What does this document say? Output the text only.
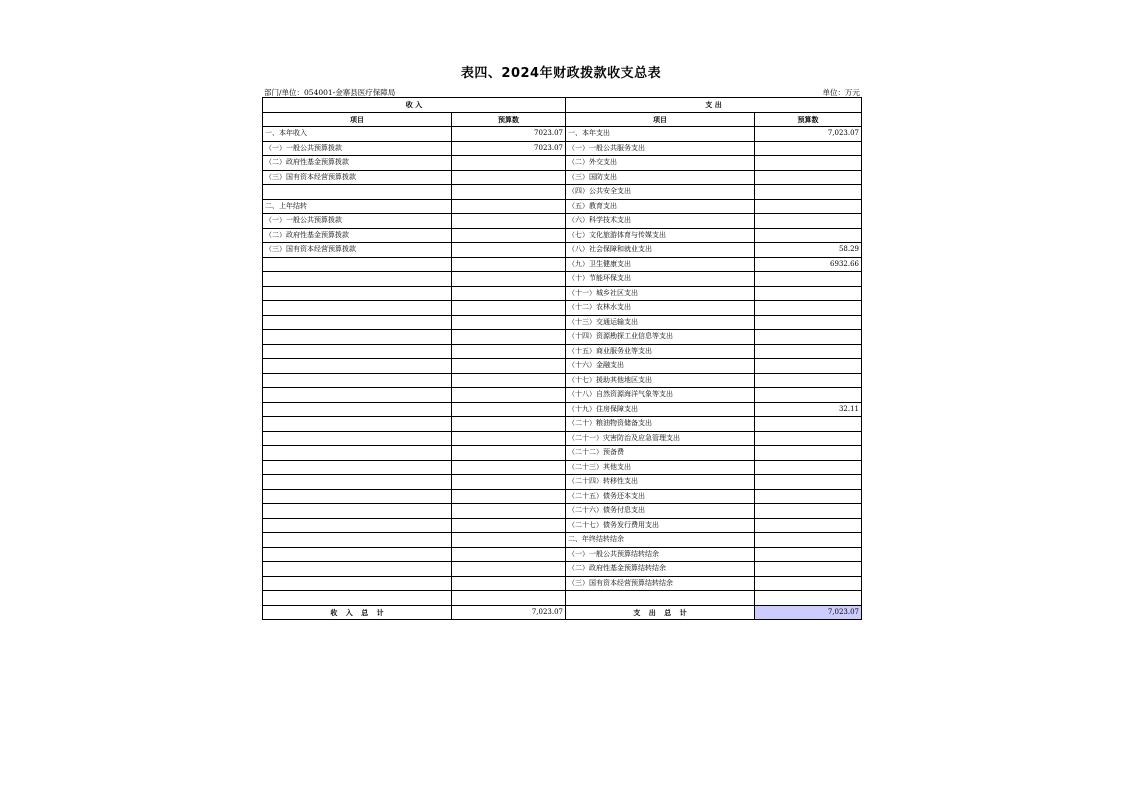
表四、2024年财政拨款收支总表
部门/单位：054001-金寨县医疗保障局	单位：万元
收 入		支 出	
项目	预算数	项目	预算数
一、本年收入	7023.07	一、本年支出	7,023.07
（一）一般公共预算拨款	7023.07	（一）一般公共服务支出	
（二）政府性基金预算拨款		（二）外交支出	
（三）国有资本经营预算拨款		（三）国防支出	
		（四）公共安全支出	
二、上年结转		（五）教育支出	
（一）一般公共预算拨款		（六）科学技术支出	
（二）政府性基金预算拨款		（七）文化旅游体育与传媒支出	
（三）国有资本经营预算拨款		（八）社会保障和就业支出	58.29
		（九）卫生健康支出	6932.66
		（十）节能环保支出	
		（十一）城乡社区支出	
		（十二）农林水支出	
		（十三）交通运输支出	
		（十四）资源勘探工业信息等支出	
		（十五）商业服务业等支出	
		（十六）金融支出	
		（十七）援助其他地区支出	
		（十八）自然资源海洋气象等支出	
		（十九）住房保障支出	32.11
		（二十）粮油物资储备支出	
		（二十一）灾害防治及应急管理支出	
		（二十二）预备费	
		（二十三）其他支出	
		（二十四）转移性支出	
		（二十五）债务还本支出	
		（二十六）债务付息支出	
		（二十七）债务发行费用支出	
		二、年终结转结余	
		（一）一般公共预算结转结余	
		（二）政府性基金预算结转结余	
		（三）国有资本经营预算结转结余	

收 入 总 计	7,023.07	支 出 总 计	7,023.07
